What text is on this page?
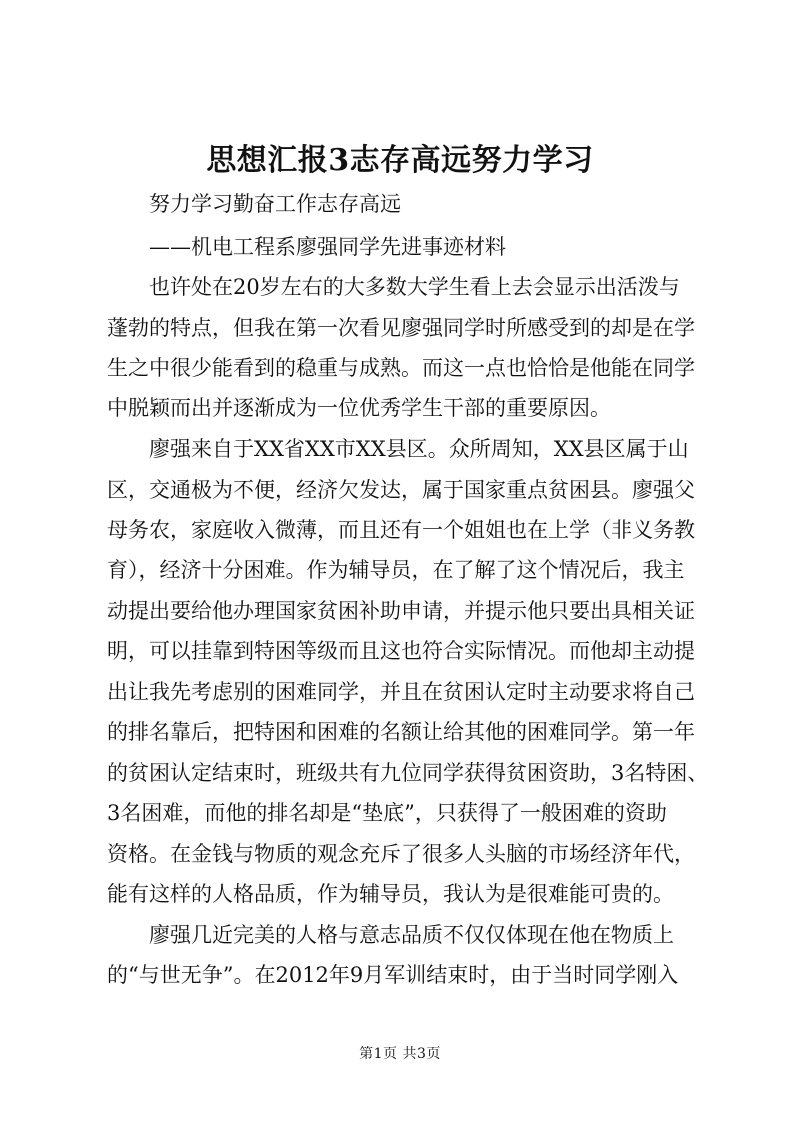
思想汇报3志存高远努力学习
努力学习勤奋工作志存高远
——机电工程系廖强同学先进事迹材料
也许处在20岁左右的大多数大学生看上去会显示出活泼与
蓬勃的特点，但我在第一次看见廖强同学时所感受到的却是在学
生之中很少能看到的稳重与成熟。而这一点也恰恰是他能在同学
中脱颖而出并逐渐成为一位优秀学生干部的重要原因。
廖强来自于XX省XX市XX县区。众所周知，XX县区属于山
区，交通极为不便，经济欠发达，属于国家重点贫困县。廖强父
母务农，家庭收入微薄，而且还有一个姐姐也在上学（非义务教
育），经济十分困难。作为辅导员，在了解了这个情况后，我主
动提出要给他办理国家贫困补助申请，并提示他只要出具相关证
明，可以挂靠到特困等级而且这也符合实际情况。而他却主动提
出让我先考虑别的困难同学，并且在贫困认定时主动要求将自己
的排名靠后，把特困和困难的名额让给其他的困难同学。第一年
的贫困认定结束时，班级共有九位同学获得贫困资助，3名特困、
3名困难，而他的排名却是“垫底”，只获得了一般困难的资助
资格。在金钱与物质的观念充斥了很多人头脑的市场经济年代，
能有这样的人格品质，作为辅导员，我认为是很难能可贵的。
廖强几近完美的人格与意志品质不仅仅体现在他在物质上
的“与世无争”。在2012年9月军训结束时，由于当时同学刚入
第1页 共3页
